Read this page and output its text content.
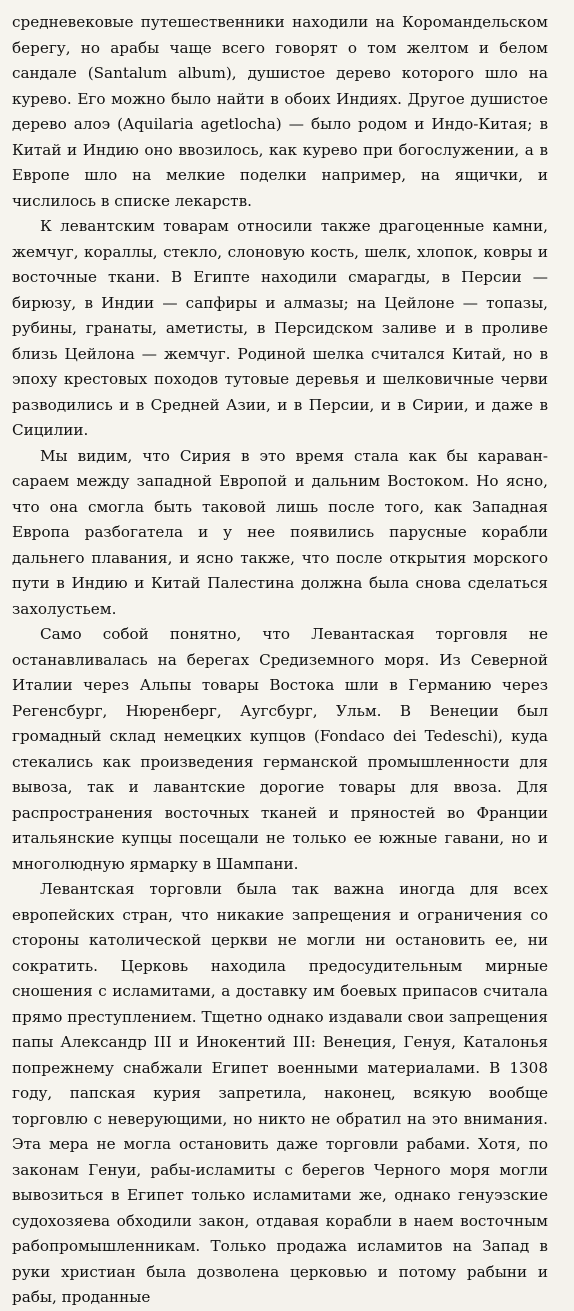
средневековые путешественники находили на Коромандельском берегу, но арабы чаще всего говорят о том желтом и белом сандале (Santalum album), душистое дерево которого шло на курево. Его можно было найти в обоих Индиях. Другое душистое дерево алоэ (Aquilaria agetlocha) — было родом и Индо-Китая; в Китай и Индию оно ввозилось, как курево при богослужении, а в Европе шло на мелкие поделки например, на ящички, и числилось в списке лекарств.

К левантским товарам относили также драгоценные камни, жемчуг, кораллы, стекло, слоновую кость, шелк, хлопок, ковры и восточные ткани. В Египте находили смарагды, в Персии — бирюзу, в Индии — сапфиры и алмазы; на Цейлоне — топазы, рубины, гранаты, аметисты, в Персидском заливе и в проливе близь Цейлона — жемчуг. Родиной шелка считался Китай, но в эпоху крестовых походов тутовые деревья и шелковичные черви разводились и в Средней Азии, и в Персии, и в Сирии, и даже в Сицилии.

Мы видим, что Сирия в это время стала как бы караван-сараем между западной Европой и дальним Востоком. Но ясно, что она смогла быть таковой лишь после того, как Западная Европа разбогатела и у нее появились парусные корабли дальнего плавания, и ясно также, что после открытия морского пути в Индию и Китай Палестина должна была снова сделаться захолустьем.

Само собой понятно, что Левантаская торговля не останавливалась на берегах Средиземного моря. Из Северной Италии через Альпы товары Востока шли в Германию через Регенсбург, Нюренберг, Аугсбург, Ульм. В Венеции был громадный склад немецких купцов (Fondaco dei Tedeschi), куда стекались как произведения германской промышленности для вывоза, так и лавантские дорогие товары для ввоза. Для распространения восточных тканей и пряностей во Франции итальянские купцы посещали не только ее южные гавани, но и многолюдную ярмарку в Шампани.

Левантская торговли была так важна иногда для всех европейских стран, что никакие запрещения и ограничения со стороны католической церкви не могли ни остановить ее, ни сократить. Церковь находила предосудительным мирные сношения с исламитами, а доставку им боевых припасов считала прямо преступлением. Тщетно однако издавали свои запрещения папы Александр III и Инокентий III: Венеция, Генуя, Каталонья попрежнему снабжали Египет военными материалами. В 1308 году, папская курия запретила, наконец, всякую вообще торговлю с неверующими, но никто не обратил на это внимания. Эта мера не могла остановить даже торговли рабами. Хотя, по законам Генуи, рабы-исламиты с берегов Черного моря могли вывозиться в Египет только исламитами же, однако генуэзские судохозяева обходили закон, отдавая корабли в наем восточным рабопромышленникам. Только продажа исламитов на Запад в руки христиан была дозволена церковью и потому рабыни и рабы, проданные
